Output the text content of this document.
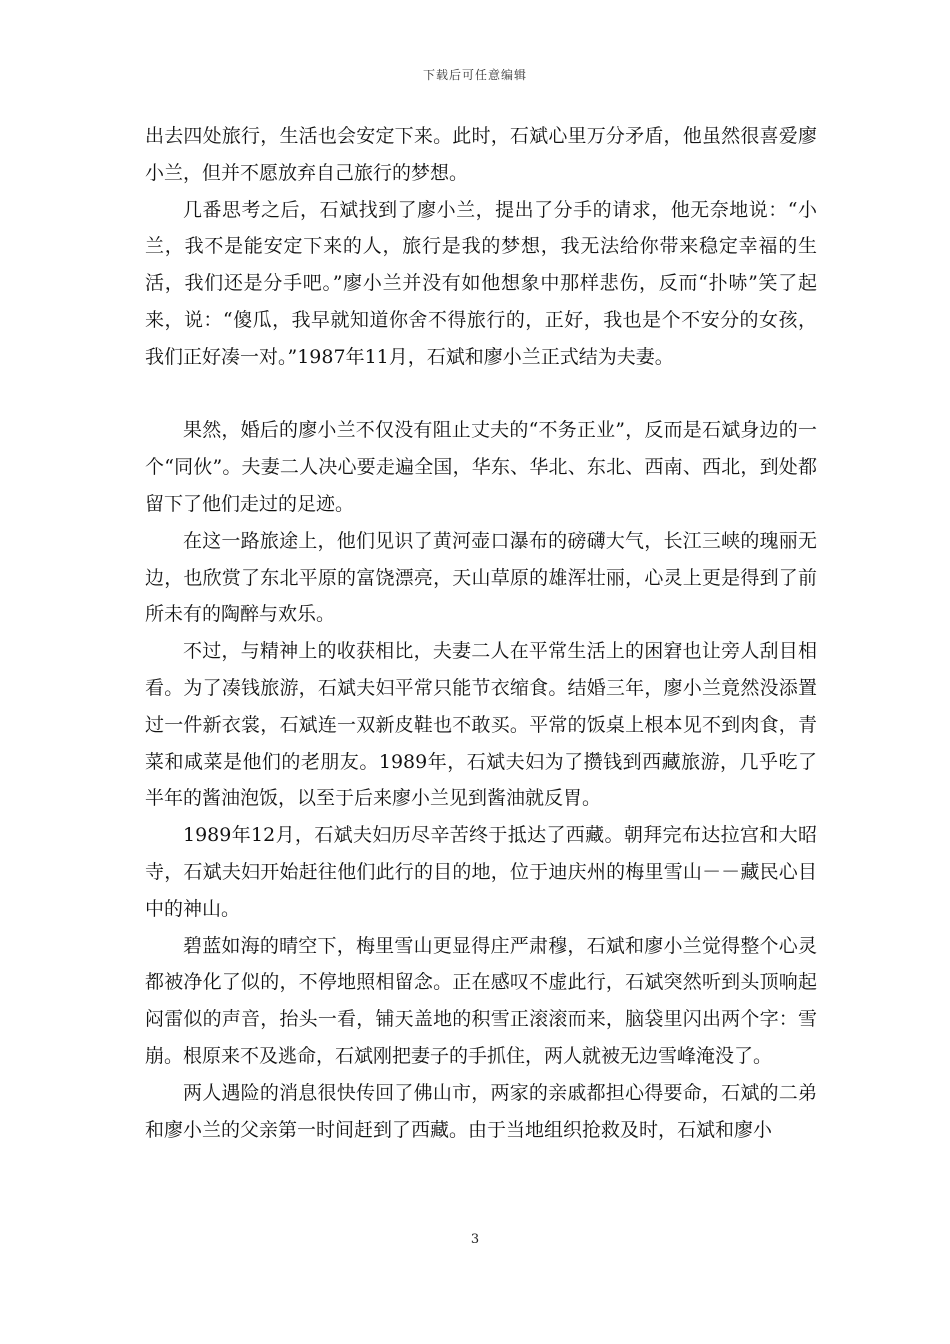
下载后可任意编辑

出去四处旅行，生活也会安定下来。此时，石斌心里万分矛盾，他虽然很喜爱廖小兰，但并不愿放弃自己旅行的梦想。

几番思考之后，石斌找到了廖小兰，提出了分手的请求，他无奈地说：“小兰，我不是能安定下来的人，旅行是我的梦想，我无法给你带来稳定幸福的生活，我们还是分手吧。”廖小兰并没有如他想象中那样悲伤，反而“扑哧”笑了起来，说：“傻瓜，我早就知道你舍不得旅行的，正好，我也是个不安分的女孩，我们正好凑一对。”1987年11月，石斌和廖小兰正式结为夫妻。

果然，婚后的廖小兰不仅没有阻止丈夫的“不务正业”，反而是石斌身边的一个“同伙”。夫妻二人决心要走遍全国，华东、华北、东北、西南、西北，到处都留下了他们走过的足迹。

在这一路旅途上，他们见识了黄河壶口瀑布的磅礴大气，长江三峡的瑰丽无边，也欣赏了东北平原的富饶漂亮，天山草原的雄浑壮丽，心灵上更是得到了前所未有的陶醉与欢乐。

不过，与精神上的收获相比，夫妻二人在平常生活上的困窘也让旁人刮目相看。为了凑钱旅游，石斌夫妇平常只能节衣缩食。结婚三年，廖小兰竟然没添置过一件新衣裳，石斌连一双新皮鞋也不敢买。平常的饭桌上根本见不到肉食，青菜和咸菜是他们的老朋友。1989年，石斌夫妇为了攒钱到西藏旅游，几乎吃了半年的酱油泡饭，以至于后来廖小兰见到酱油就反胃。

1989年12月，石斌夫妇历尽辛苦终于抵达了西藏。朝拜完布达拉宫和大昭寺，石斌夫妇开始赶往他们此行的目的地，位于迪庆州的梅里雪山－－藏民心目中的神山。

碧蓝如海的晴空下，梅里雪山更显得庄严肃穆，石斌和廖小兰觉得整个心灵都被净化了似的，不停地照相留念。正在感叹不虚此行，石斌突然听到头顶响起闷雷似的声音，抬头一看，铺天盖地的积雪正滚滚而来，脑袋里闪出两个字：雪崩。根原来不及逃命，石斌刚把妻子的手抓住，两人就被无边雪峰淹没了。

两人遇险的消息很快传回了佛山市，两家的亲戚都担心得要命，石斌的二弟和廖小兰的父亲第一时间赶到了西藏。由于当地组织抢救及时，石斌和廖小

3
